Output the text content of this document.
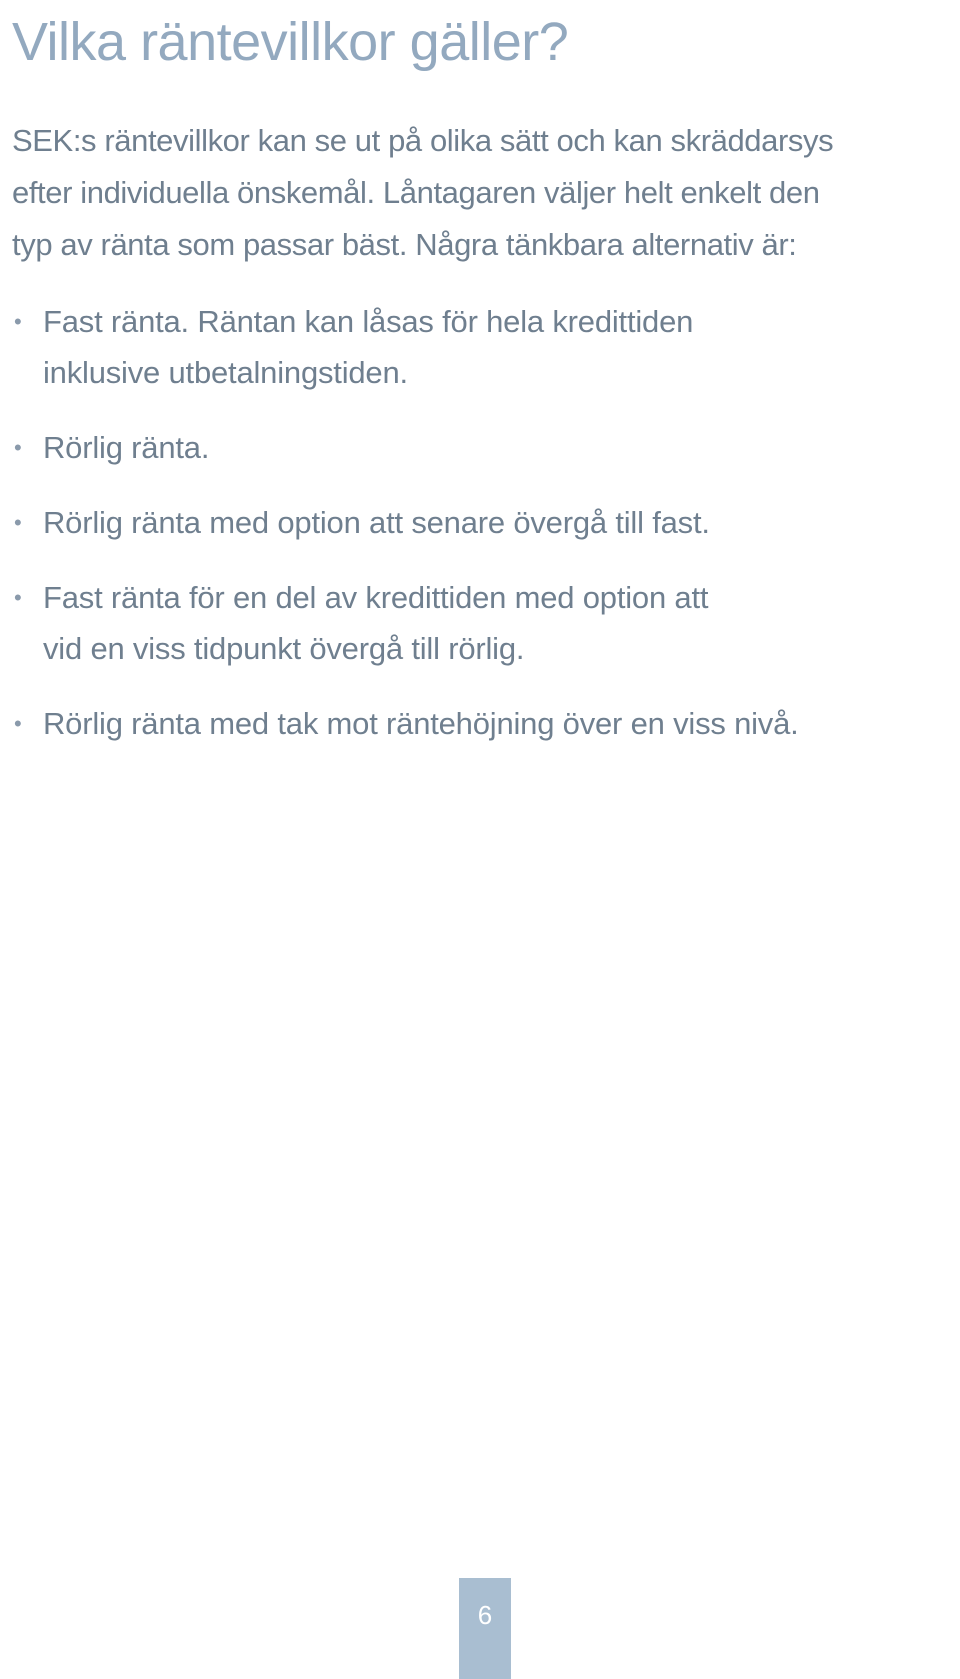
Vilka räntevillkor gäller?

SEK:s räntevillkor kan se ut på olika sätt och kan skräddarsys
efter individuella önskemål. Låntagaren väljer helt enkelt den
typ av ränta som passar bäst. Några tänkbara alternativ är:

• Fast ränta. Räntan kan låsas för hela kredittiden
inklusive utbetalningstiden.
• Rörlig ränta.
• Rörlig ränta med option att senare övergå till fast.
• Fast ränta för en del av kredittiden med option att
vid en viss tidpunkt övergå till rörlig.
• Rörlig ränta med tak mot räntehöjning över en viss nivå.
6
